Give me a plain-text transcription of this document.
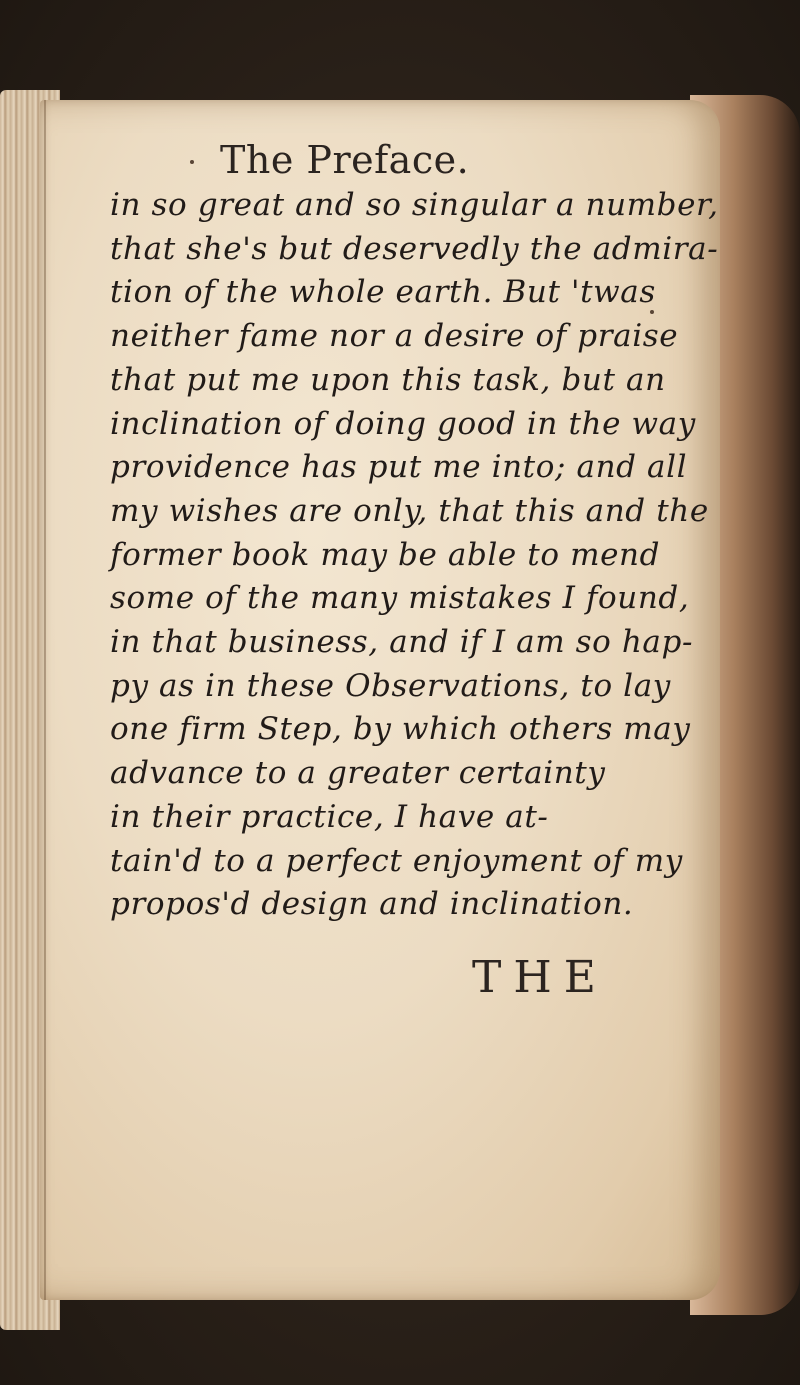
The Preface.
in so great and so singular a number,
that she's but deservedly the admira-
tion of the whole earth. But 'twas
neither fame nor a desire of praise
that put me upon this task, but an
inclination of doing good in the way
providence has put me into; and all
my wishes are only, that this and the
former book may be able to mend
some of the many mistakes I found,
in that business, and if I am so hap-
py as in these Observations, to lay
one firm Step, by which others may
advance to a greater certainty
in their practice, I have at-
tain'd to a perfect enjoyment of my
propos'd design and inclination.

THE
